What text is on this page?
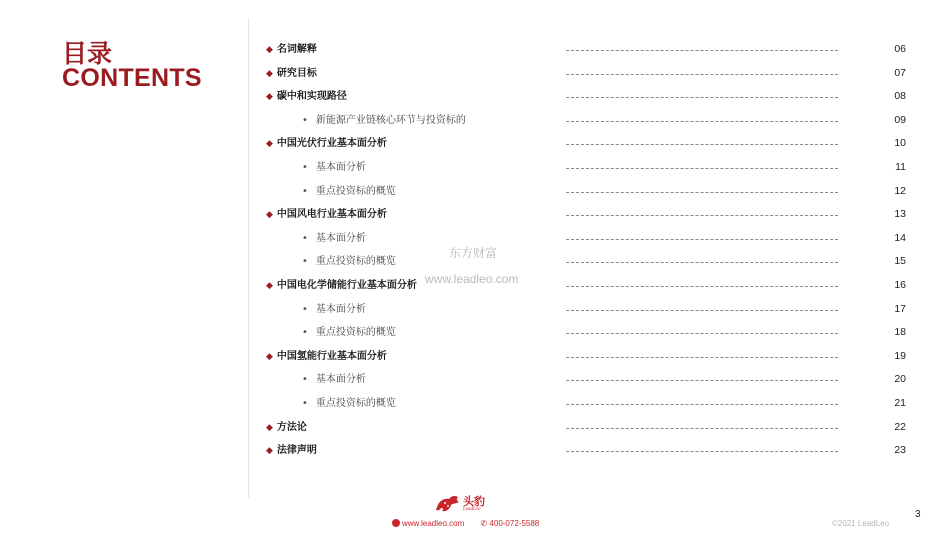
目录
CONTENTS
◆ 名词解释	06
◆ 研究目标	07
◆ 碳中和实现路径	08
• 新能源产业链核心环节与投资标的	09
◆ 中国光伏行业基本面分析	10
• 基本面分析	11
• 重点投资标的概览	12
◆ 中国风电行业基本面分析	13
• 基本面分析	14
• 重点投资标的概览	15
◆ 中国电化学储能行业基本面分析	16
• 基本面分析	17
• 重点投资标的概览	18
◆ 中国氢能行业基本面分析	19
• 基本面分析	20
• 重点投资标的概览	21
◆ 方法论	22
◆ 法律声明	23
东方财富
www.leadleo.com
头豹
LeadLeo
www.leadleo.com ✆ 400-072-5588	©2021 LeadLeo
3
